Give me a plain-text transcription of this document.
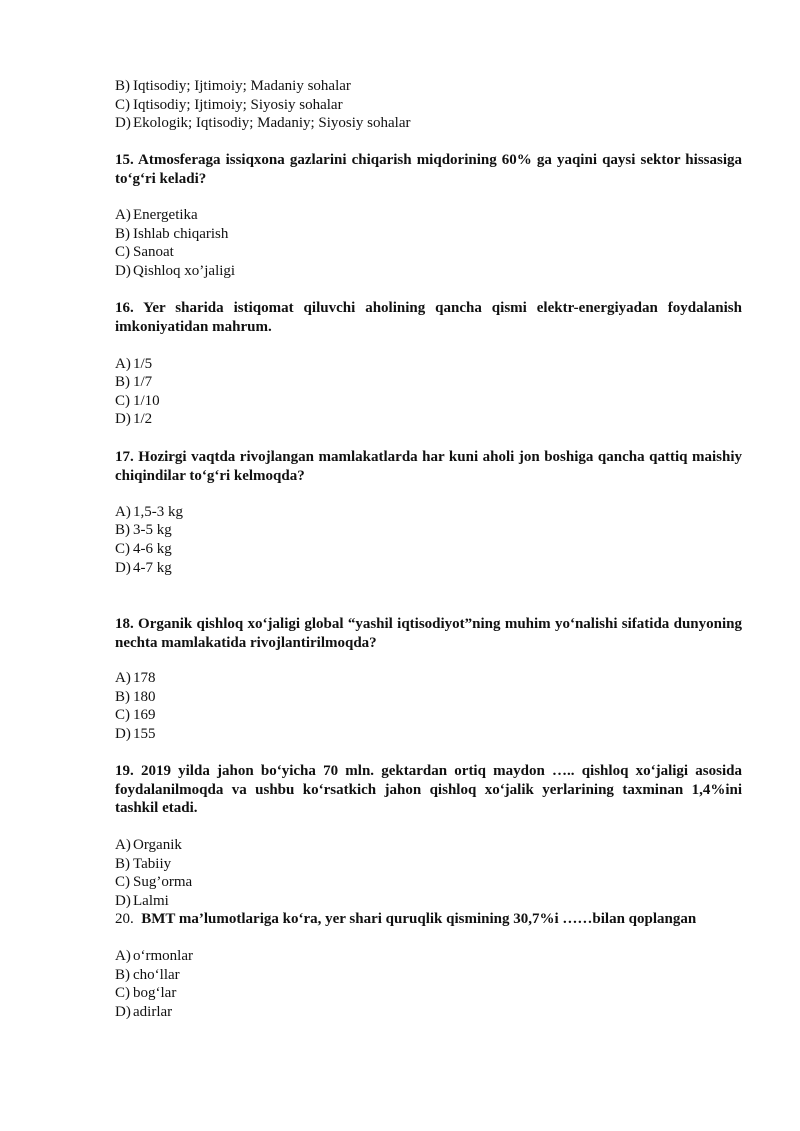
B) Iqtisodiy; Ijtimoiy; Madaniy sohalar
C) Iqtisodiy; Ijtimoiy; Siyosiy sohalar
D) Ekologik; Iqtisodiy; Madaniy; Siyosiy sohalar
15. Atmosferaga issiqxona gazlarini chiqarish miqdorining 60% ga yaqini qaysi sektor hissasiga to‘g‘ri keladi?
A) Energetika
B) Ishlab chiqarish
C) Sanoat
D) Qishloq xo’jaligi
16. Yer sharida istiqomat qiluvchi aholining qancha qismi elektr-energiyadan foydalanish imkoniyatidan mahrum.
A) 1/5
B) 1/7
C) 1/10
D) 1/2
17. Hozirgi vaqtda rivojlangan mamlakatlarda har kuni aholi jon boshiga qancha qattiq maishiy chiqindilar to‘g‘ri kelmoqda?
A) 1,5-3 kg
B) 3-5 kg
C) 4-6 kg
D) 4-7 kg
18. Organik qishloq xo‘jaligi global “yashil iqtisodiyot”ning muhim yo‘nalishi sifatida dunyoning nechta mamlakatida rivojlantirilmoqda?
A) 178
B) 180
C) 169
D) 155
19. 2019 yilda jahon bo‘yicha 70 mln. gektardan ortiq maydon ….. qishloq xo‘jaligi asosida foydalanilmoqda va ushbu ko‘rsatkich jahon qishloq xo‘jalik yerlarining taxminan 1,4%ini tashkil etadi.
A) Organik
B) Tabiiy
C) Sug’orma
D) Lalmi
20. BMT ma’lumotlariga ko‘ra, yer shari quruqlik qismining 30,7%i ……bilan qoplangan
A) o‘rmonlar
B) cho‘llar
C) bog‘lar
D) adirlar
